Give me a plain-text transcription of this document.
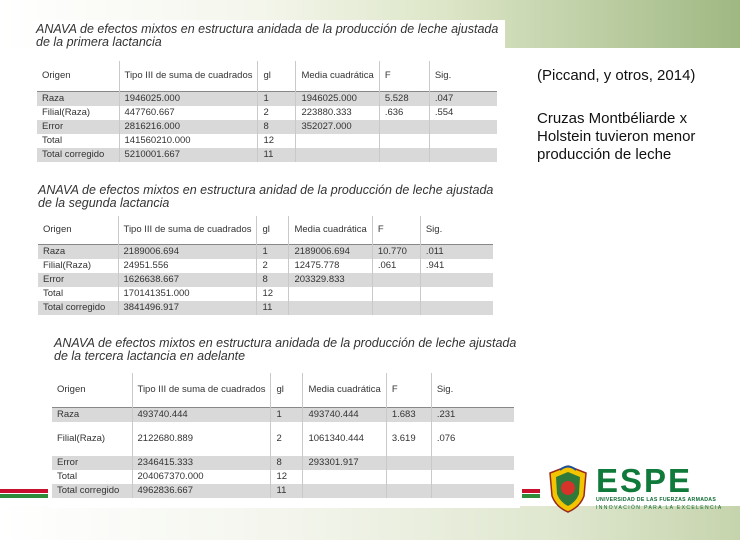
ANAVA de efectos mixtos en estructura anidada de la producción de leche ajustada de la primera lactancia

Origen	Tipo III de suma de cuadrados	gl	Media cuadrática	F	Sig.
Raza	1946025.000	1	1946025.000	5.528	.047
Filial(Raza)	447760.667	2	223880.333	.636	.554
Error	2816216.000	8	352027.000		
Total	141560210.000	12			
Total corregido	5210001.667	11			

ANAVA de efectos mixtos en estructura anidad de la producción de leche ajustada de la segunda lactancia

Origen	Tipo III de suma de cuadrados	gl	Media cuadrática	F	Sig.
Raza	2189006.694	1	2189006.694	10.770	.011
Filial(Raza)	24951.556	2	12475.778	.061	.941
Error	1626638.667	8	203329.833		
Total	170141351.000	12			
Total corregido	3841496.917	11			

ANAVA de efectos mixtos en estructura anidada de la producción de leche ajustada de la tercera lactancia en adelante

Origen	Tipo III de suma de cuadrados	gl	Media cuadrática	F	Sig.
Raza	493740.444	1	493740.444	1.683	.231
Filial(Raza)	2122680.889	2	1061340.444	3.619	.076
Error	2346415.333	8	293301.917		
Total	204067370.000	12			
Total corregido	4962836.667	11			
(Piccand, y otros, 2014)
Cruzas Montbéliarde x
Holstein tuvieron menor
producción de leche
ESPE
UNIVERSIDAD DE LAS FUERZAS ARMADAS
INNOVACIÓN PARA LA EXCELENCIA
